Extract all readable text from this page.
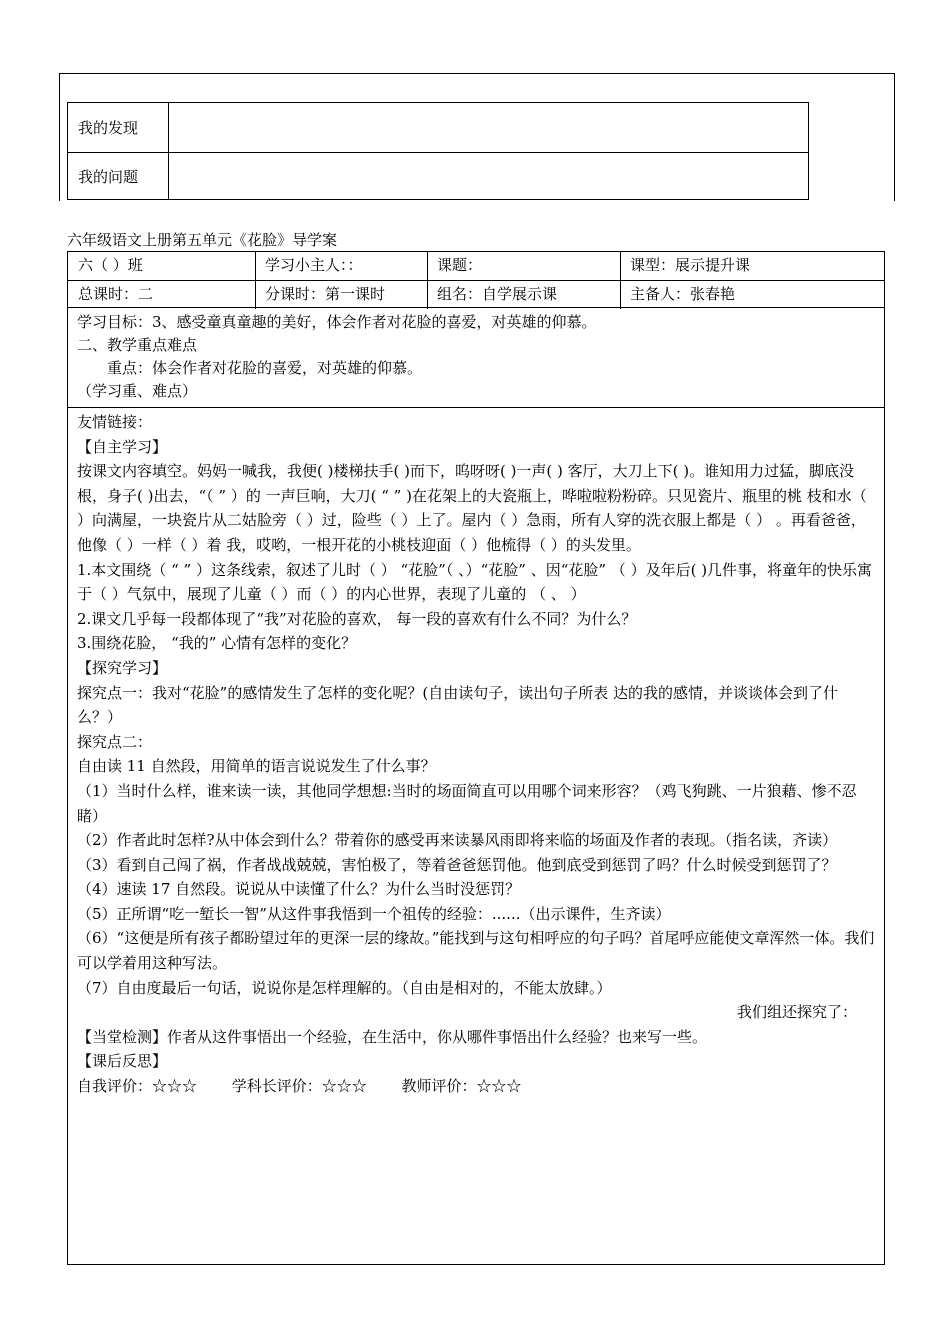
我的发现
我的问题
六年级语文上册第五单元《花脸》导学案
六（ ）班	学习小主人：：	课题：	课型：展示提升课
总课时：二	分课时：第一课时	组名：自学展示课	主备人：张春艳
学习目标：3、感受童真童趣的美好，体会作者对花脸的喜爱，对英雄的仰慕。
二、教学重点难点
　　重点：体会作者对花脸的喜爱，对英雄的仰慕。
（学习重、难点）

友情链接：

【自主学习】

按课文内容填空。妈妈一喊我，我便( )楼梯扶手( )而下，呜呀呀( )一声( ) 客厅，大刀上下( )。谁知用力过猛，脚底没根，身子( )出去，“（ ” ）的 一声巨响，大刀( “ ” )在花架上的大瓷瓶上，哗啦啦粉粉碎。只见瓷片、瓶里的桃 枝和水（ ）向满屋，一块瓷片从二姑脸旁（ ）过，险些（ ）上了。屋内（ ）急雨，所有人穿的洗衣服上都是（ ） 。再看爸爸，他像（ ）一样（ ）着 我，哎哟，一根开花的小桃枝迎面（ ）他梳得（ ）的头发里。

1.本文围绕（ “ ” ）这条线索，叙述了儿时（ ） “花脸”（ 、）“花脸” 、因“花脸” （ ）及年后( )几件事，将童年的快乐寓于（ ）气氛中，展现了儿童（ ）而（ ）的内心世界，表现了儿童的 （ 、 ）

2.课文几乎每一段都体现了“我”对花脸的喜欢， 每一段的喜欢有什么不同？为什么？

3.围绕花脸， “我的” 心情有怎样的变化？

【探究学习】

探究点一：我对“花脸”的感情发生了怎样的变化呢？(自由读句子，读出句子所表 达的我的感情，并谈谈体会到了什么？）

探究点二：

自由读 11 自然段，用简单的语言说说发生了什么事？

（1）当时什么样，谁来读一读，其他同学想想:当时的场面简直可以用哪个词来形容？（鸡飞狗跳、一片狼藉、惨不忍睹）

（2）作者此时怎样?从中体会到什么？带着你的感受再来读暴风雨即将来临的场面及作者的表现。（指名读，齐读）

（3）看到自己闯了祸，作者战战兢兢，害怕极了，等着爸爸惩罚他。他到底受到惩罚了吗？什么时候受到惩罚了？

（4）速读 17 自然段。说说从中读懂了什么？为什么当时没惩罚？

（5）正所谓“吃一堑长一智”从这件事我悟到一个祖传的经验：......（出示课件，生齐读）

（6）“这便是所有孩子都盼望过年的更深一层的缘故。”能找到与这句相呼应的句子吗？首尾呼应能使文章浑然一体。我们可以学着用这种写法。

（7）自由度最后一句话，说说你是怎样理解的。（自由是相对的，不能太放肆。）

我们组还探究了：

【当堂检测】作者从这件事悟出一个经验，在生活中，你从哪件事悟出什么经验？也来写一些。

【课后反思】

自我评价：☆☆☆　　 学科长评价：☆☆☆　　 教师评价：☆☆☆
